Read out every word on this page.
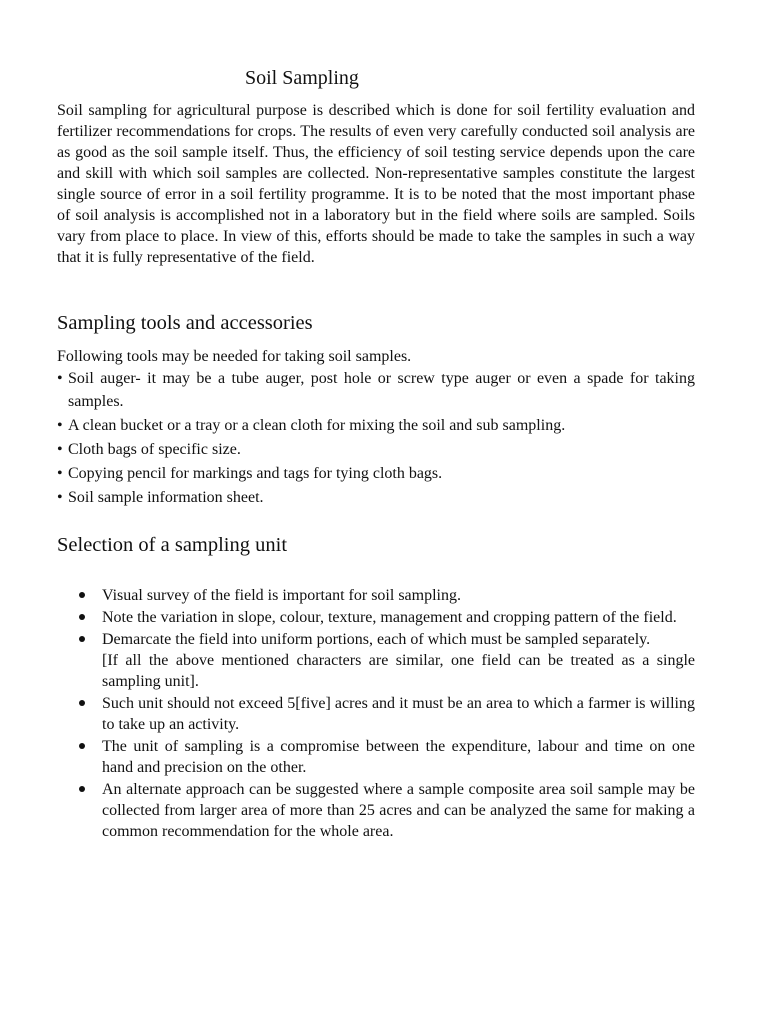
Soil Sampling

Soil sampling for agricultural purpose is described which is done for soil fertility evaluation and fertilizer recommendations for crops. The results of even very carefully conducted soil analysis are as good as the soil sample itself. Thus, the efficiency of soil testing service depends upon the care and skill with which soil samples are collected. Non-representative samples constitute the largest single source of error in a soil fertility programme. It is to be noted that the most important phase of soil analysis is accomplished not in a laboratory but in the field where soils are sampled. Soils vary from place to place. In view of this, efforts should be made to take the samples in such a way that it is fully representative of the field.

Sampling tools and accessories

Following tools may be needed for taking soil samples.

• Soil auger- it may be a tube auger, post hole or screw type auger or even a spade for taking samples.
• A clean bucket or a tray or a clean cloth for mixing the soil and sub sampling.
• Cloth bags of specific size.
• Copying pencil for markings and tags for tying cloth bags.
• Soil sample information sheet.
Selection of a sampling unit
Visual survey of the field is important for soil sampling.
Note the variation in slope, colour, texture, management and cropping pattern of the field.
Demarcate the field into uniform portions, each of which must be sampled separately.
[If all the above mentioned characters are similar, one field can be treated as a single sampling unit].
Such unit should not exceed 5[five] acres and it must be an area to which a farmer is willing to take up an activity.
The unit of sampling is a compromise between the expenditure, labour and time on one hand and precision on the other.
An alternate approach can be suggested where a sample composite area soil sample may be collected from larger area of more than 25 acres and can be analyzed the same for making a common recommendation for the whole area.
